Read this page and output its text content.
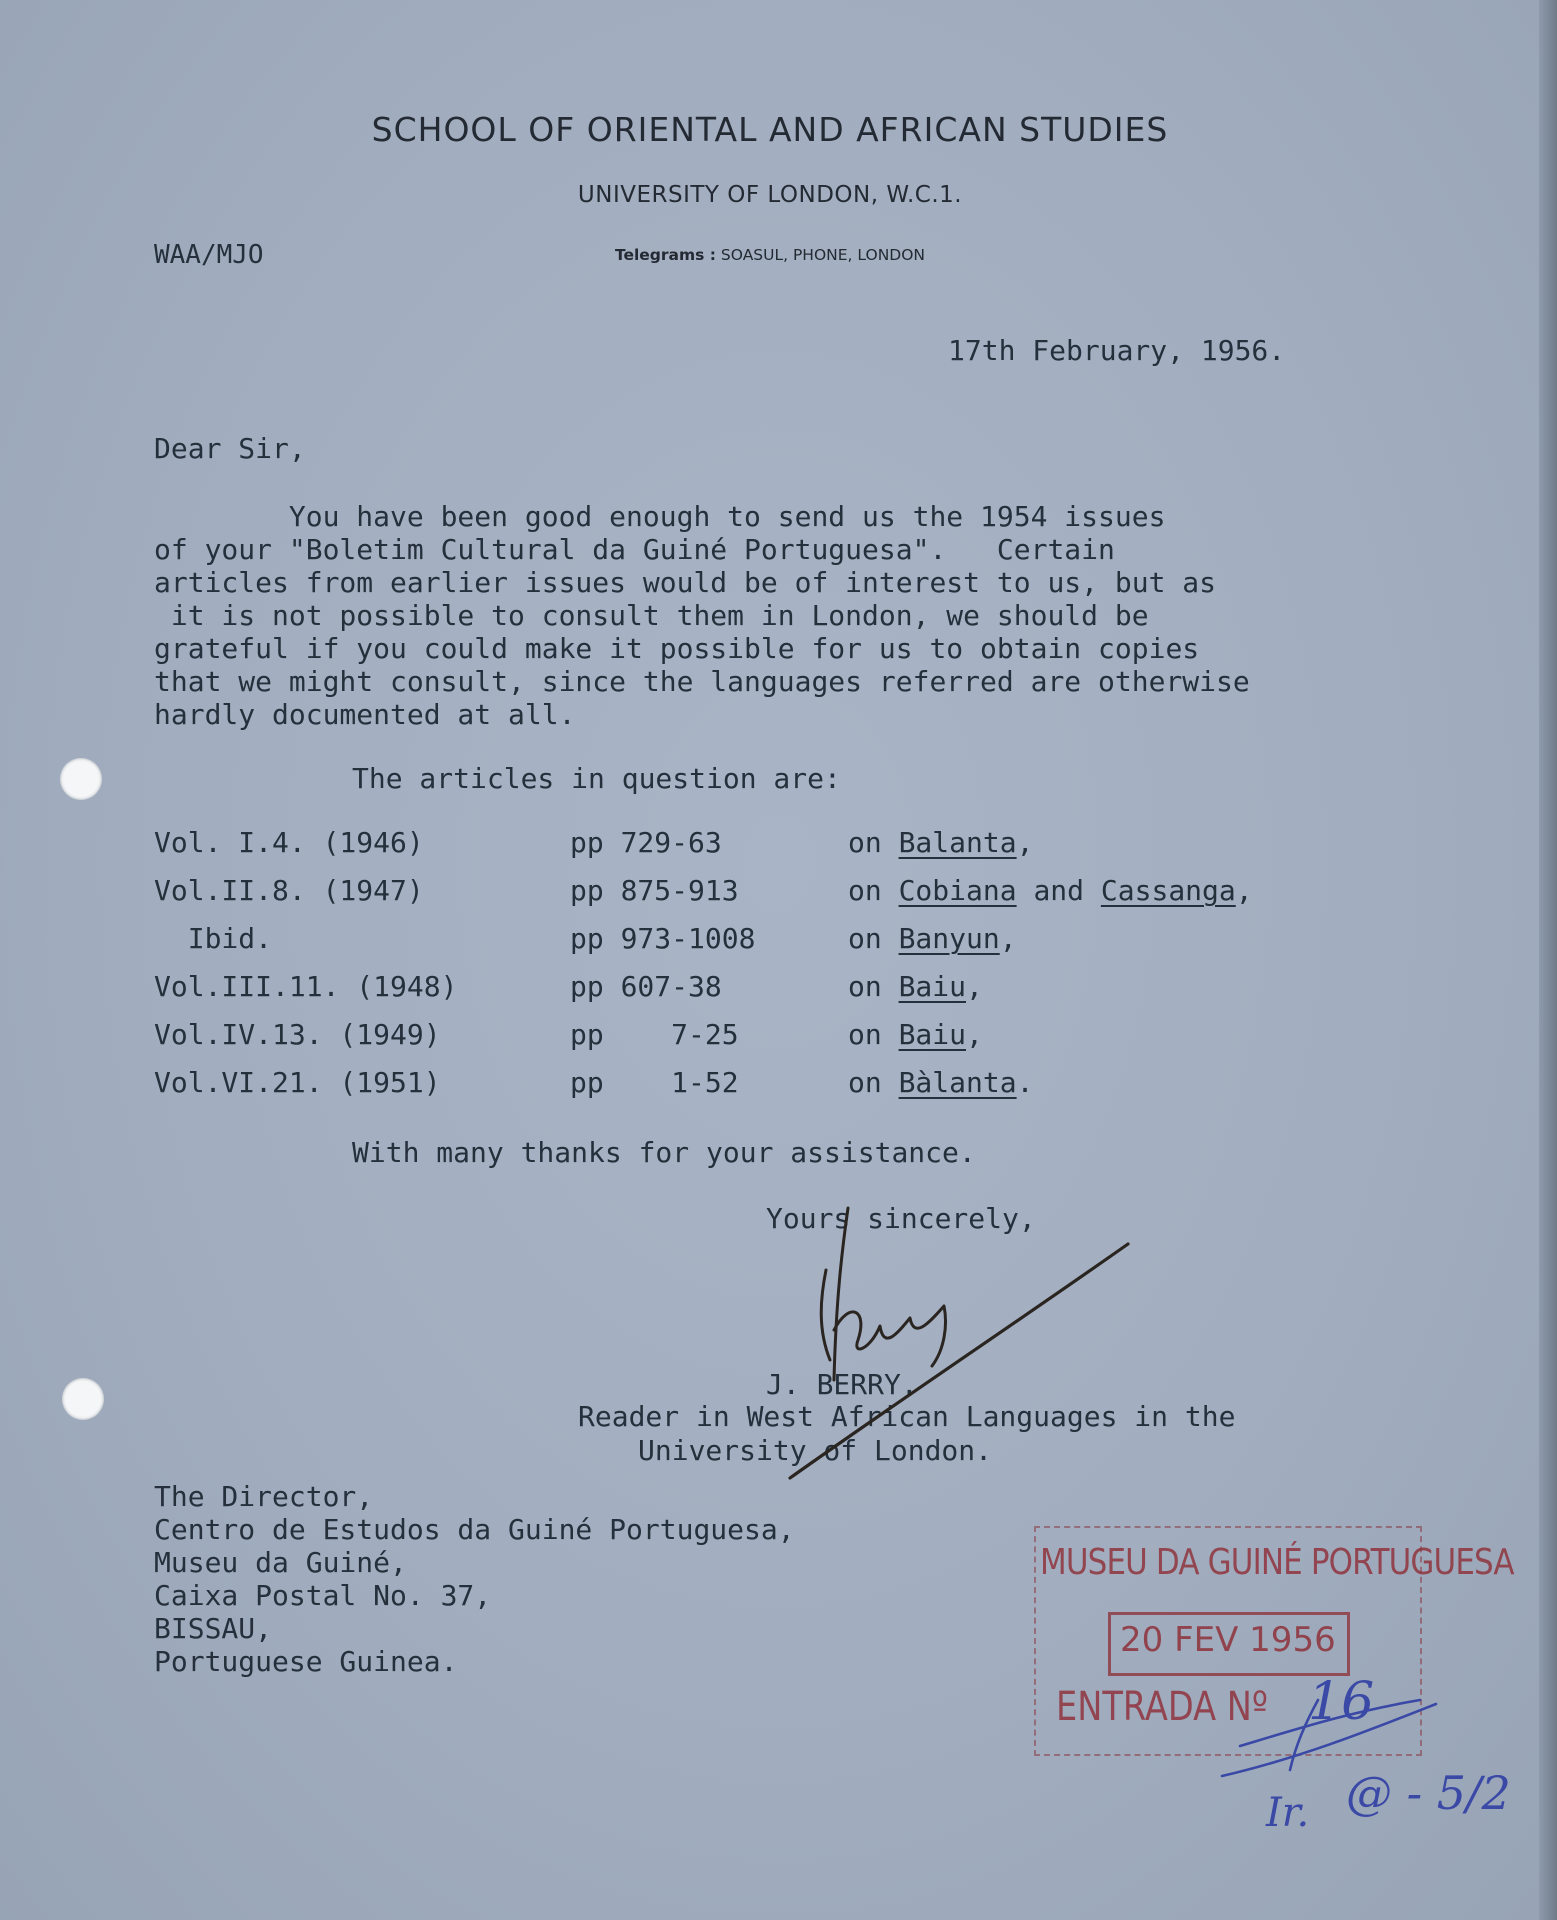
SCHOOL OF ORIENTAL AND AFRICAN STUDIES
UNIVERSITY OF LONDON, W.C.1.
Telegrams : SOASUL, PHONE, LONDON
WAA/MJO
17th February, 1956.
Dear Sir,
You have been good enough to send us the 1954 issues
of your "Boletim Cultural da Guiné Portuguesa".   Certain
articles from earlier issues would be of interest to us, but as
it is not possible to consult them in London, we should be
grateful if you could make it possible for us to obtain copies
that we might consult, since the languages referred are otherwise
hardly documented at all.
The articles in question are:
Vol. I.4. (1946)	pp 729-63	on Balanta,
Vol.II.8. (1947)	pp 875-913	on Cobiana and Cassanga,
Ibid.	pp 973-1008	on Banyun,
Vol.III.11. (1948)	pp 607-38	on Baiu,
Vol.IV.13. (1949)	pp    7-25	on Baiu,
Vol.VI.21. (1951)	pp    1-52	on Bàlanta.
With many thanks for your assistance.
Yours sincerely,
J. BERRY.
Reader in West African Languages in the
University of London.
The Director,
Centro de Estudos da Guiné Portuguesa,
Museu da Guiné,
Caixa Postal No. 37,
BISSAU,
Portuguese Guinea.
MUSEU DA GUINÉ PORTUGUESA
20 FEV 1956
ENTRADA Nº 16
Ir. @ - 5/2
